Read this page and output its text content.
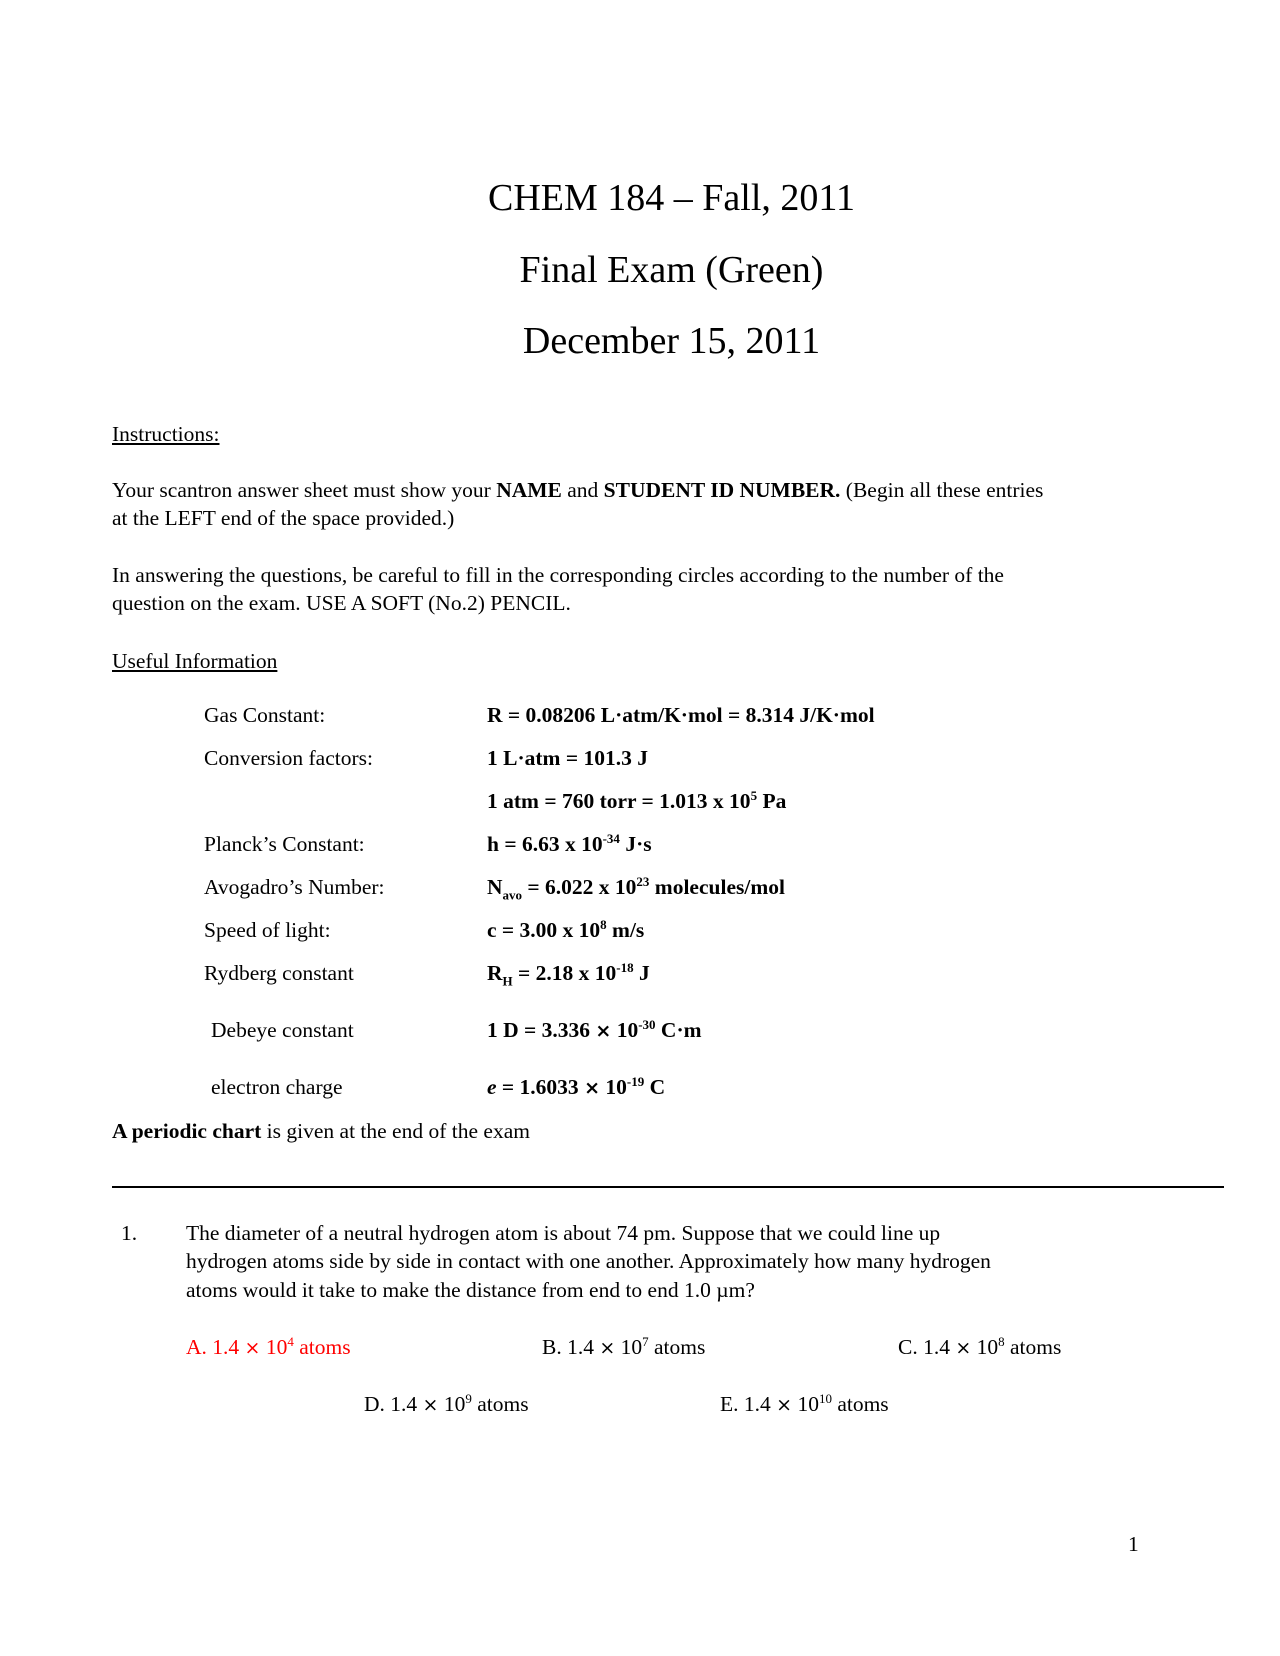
CHEM 184 – Fall, 2011
Final Exam (Green)
December 15, 2011
Instructions:
Your scantron answer sheet must show your NAME and STUDENT ID NUMBER. (Begin all these entries
at the LEFT end of the space provided.)
In answering the questions, be careful to fill in the corresponding circles according to the number of the
question on the exam. USE A SOFT (No.2) PENCIL.
Useful Information
Gas Constant:	R = 0.08206 L·atm/K·mol = 8.314 J/K·mol
Conversion factors:	1 L·atm = 101.3 J
1 atm = 760 torr = 1.013 x $10^5$ Pa
Planck’s Constant:	h = 6.63 x $10^{-34}$ J·s
Avogadro’s Number:	$N_{avo} = 6.022$ x $10^{23}$ molecules/mol
Speed of light:	c = 3.00 x $10^8$ m/s
Rydberg constant	$R_H = 2.18$ x $10^{-18}$ J
Debeye constant	1 $D = 3.336 \times 10^{-30}$ C·m
electron charge	$e = 1.6033 \times 10^{-19}$ C
A periodic chart is given at the end of the exam
1. The diameter of a neutral hydrogen atom is about 74 pm. Suppose that we could line up
hydrogen atoms side by side in contact with one another. Approximately how many hydrogen
atoms would it take to make the distance from end to end 1.0 µm?
A. $1.4 \times 10^4$ atoms	B. $1.4 \times 10^7$ atoms	C. $1.4 \times 10^8$ atoms
D. $1.4 \times 10^9$ atoms	E. $1.4 \times 10^{10}$ atoms
1
